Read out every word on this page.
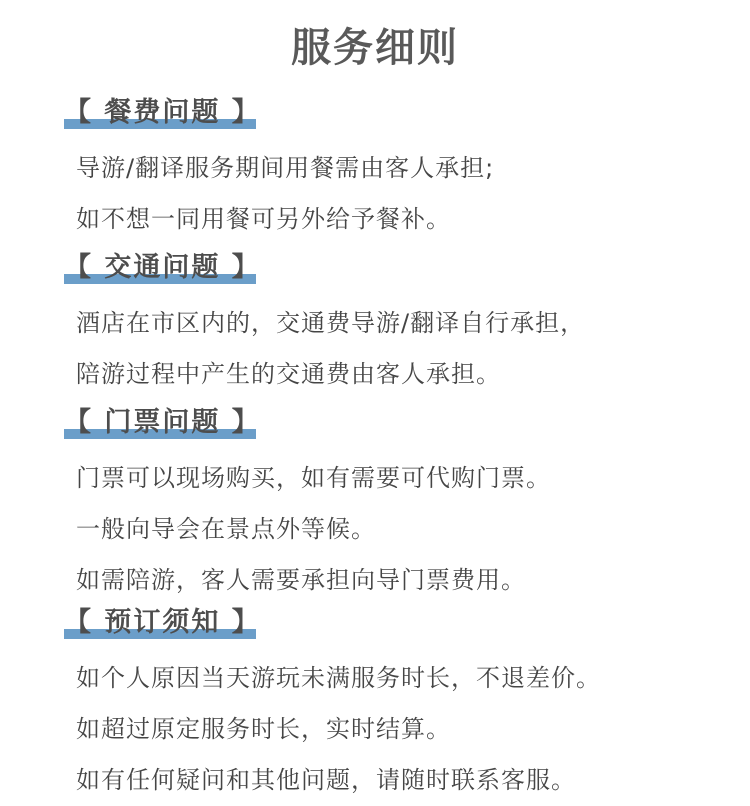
服务细则
【 餐费问题 】
导游/翻译服务期间用餐需由客人承担;
如不想一同用餐可另外给予餐补。
【 交通问题 】
酒店在市区内的，交通费导游/翻译自行承担，
陪游过程中产生的交通费由客人承担。
【 门票问题 】
门票可以现场购买，如有需要可代购门票。
一般向导会在景点外等候。
如需陪游，客人需要承担向导门票费用。
【 预订须知 】
如个人原因当天游玩未满服务时长，不退差价。
如超过原定服务时长，实时结算。
如有任何疑问和其他问题，请随时联系客服。
